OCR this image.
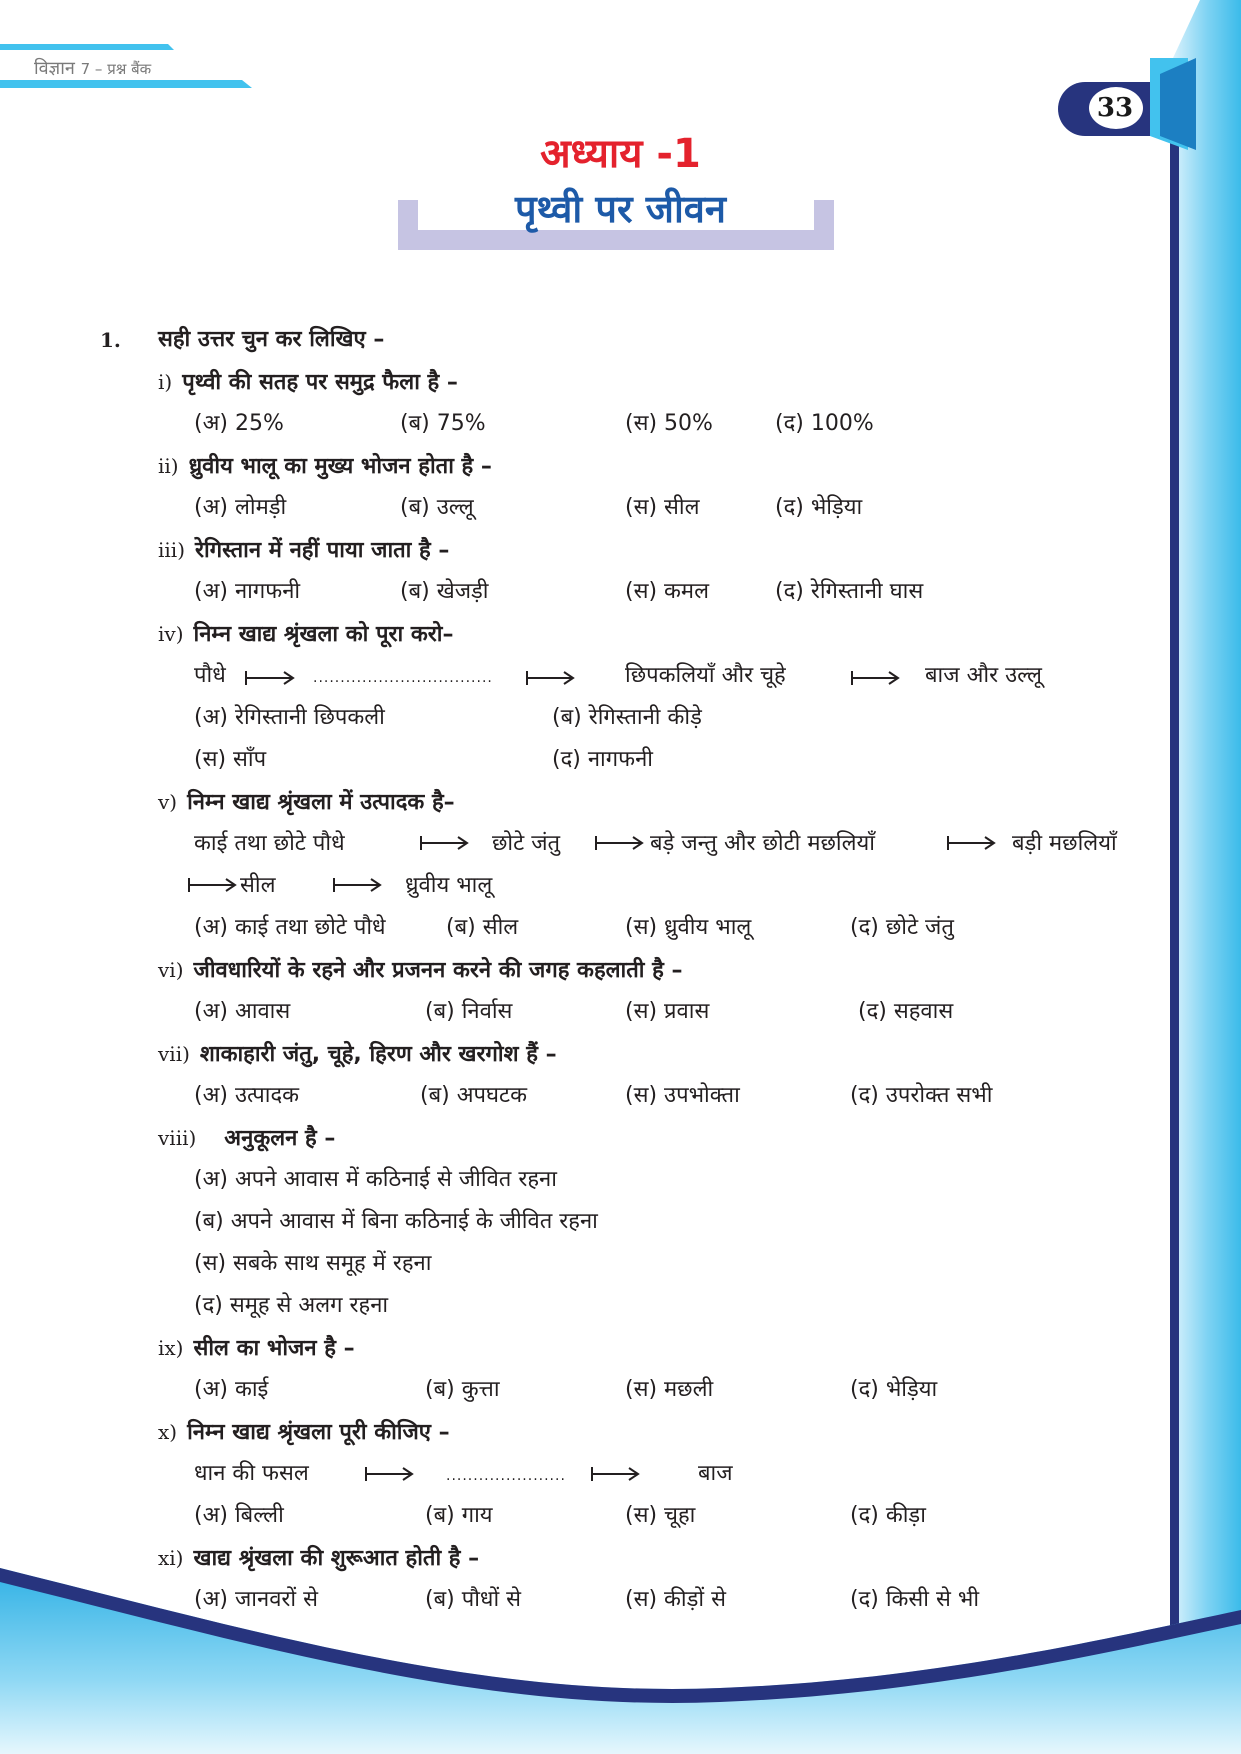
विज्ञान 7 – प्रश्न बैंक
33
अध्याय -1
पृथ्वी पर जीवन
1.	सही उत्तर चुन कर लिखिए –
i) पृथ्वी की सतह पर समुद्र फैला है –
(अ) 25%	(ब) 75%	(स) 50%	(द) 100%
ii) ध्रुवीय भालू का मुख्य भोजन होता है –
(अ) लोमड़ी	(ब) उल्लू	(स) सील	(द) भेड़िया
iii) रेगिस्तान में नहीं पाया जाता है –
(अ) नागफनी	(ब) खेजड़ी	(स) कमल	(द) रेगिस्तानी घास
iv) निम्न खाद्य श्रृंखला को पूरा करो–
पौधे	.................................	छिपकलियाँ और चूहे	बाज और उल्लू
(अ) रेगिस्तानी छिपकली	(ब) रेगिस्तानी कीड़े
(स) साँप	(द) नागफनी
v) निम्न खाद्य श्रृंखला में उत्पादक है–
काई तथा छोटे पौधे	छोटे जंतु	बड़े जन्तु और छोटी मछलियाँ	बड़ी मछलियाँ
सील	ध्रुवीय भालू
(अ) काई तथा छोटे पौधे	(ब) सील	(स) ध्रुवीय भालू	(द) छोटे जंतु
vi) जीवधारियों के रहने और प्रजनन करने की जगह कहलाती है –
(अ) आवास	(ब) निर्वास	(स) प्रवास	(द) सहवास
vii) शाकाहारी जंतु, चूहे, हिरण और खरगोश हैं –
(अ) उत्पादक	(ब) अपघटक	(स) उपभोक्ता	(द) उपरोक्त सभी
viii) अनुकूलन है –
(अ) अपने आवास में कठिनाई से जीवित रहना
(ब) अपने आवास में बिना कठिनाई के जीवित रहना
(स) सबके साथ समूह में रहना
(द) समूह से अलग रहना
ix) सील का भोजन है –
(अ) काई	(ब) कुत्ता	(स) मछली	(द) भेड़िया
x) निम्न खाद्य श्रृंखला पूरी कीजिए –
धान की फसल	......................	बाज
(अ) बिल्ली	(ब) गाय	(स) चूहा	(द) कीड़ा
xi) खाद्य श्रृंखला की शुरूआत होती है –
(अ) जानवरों से	(ब) पौधों से	(स) कीड़ों से	(द) किसी से भी
